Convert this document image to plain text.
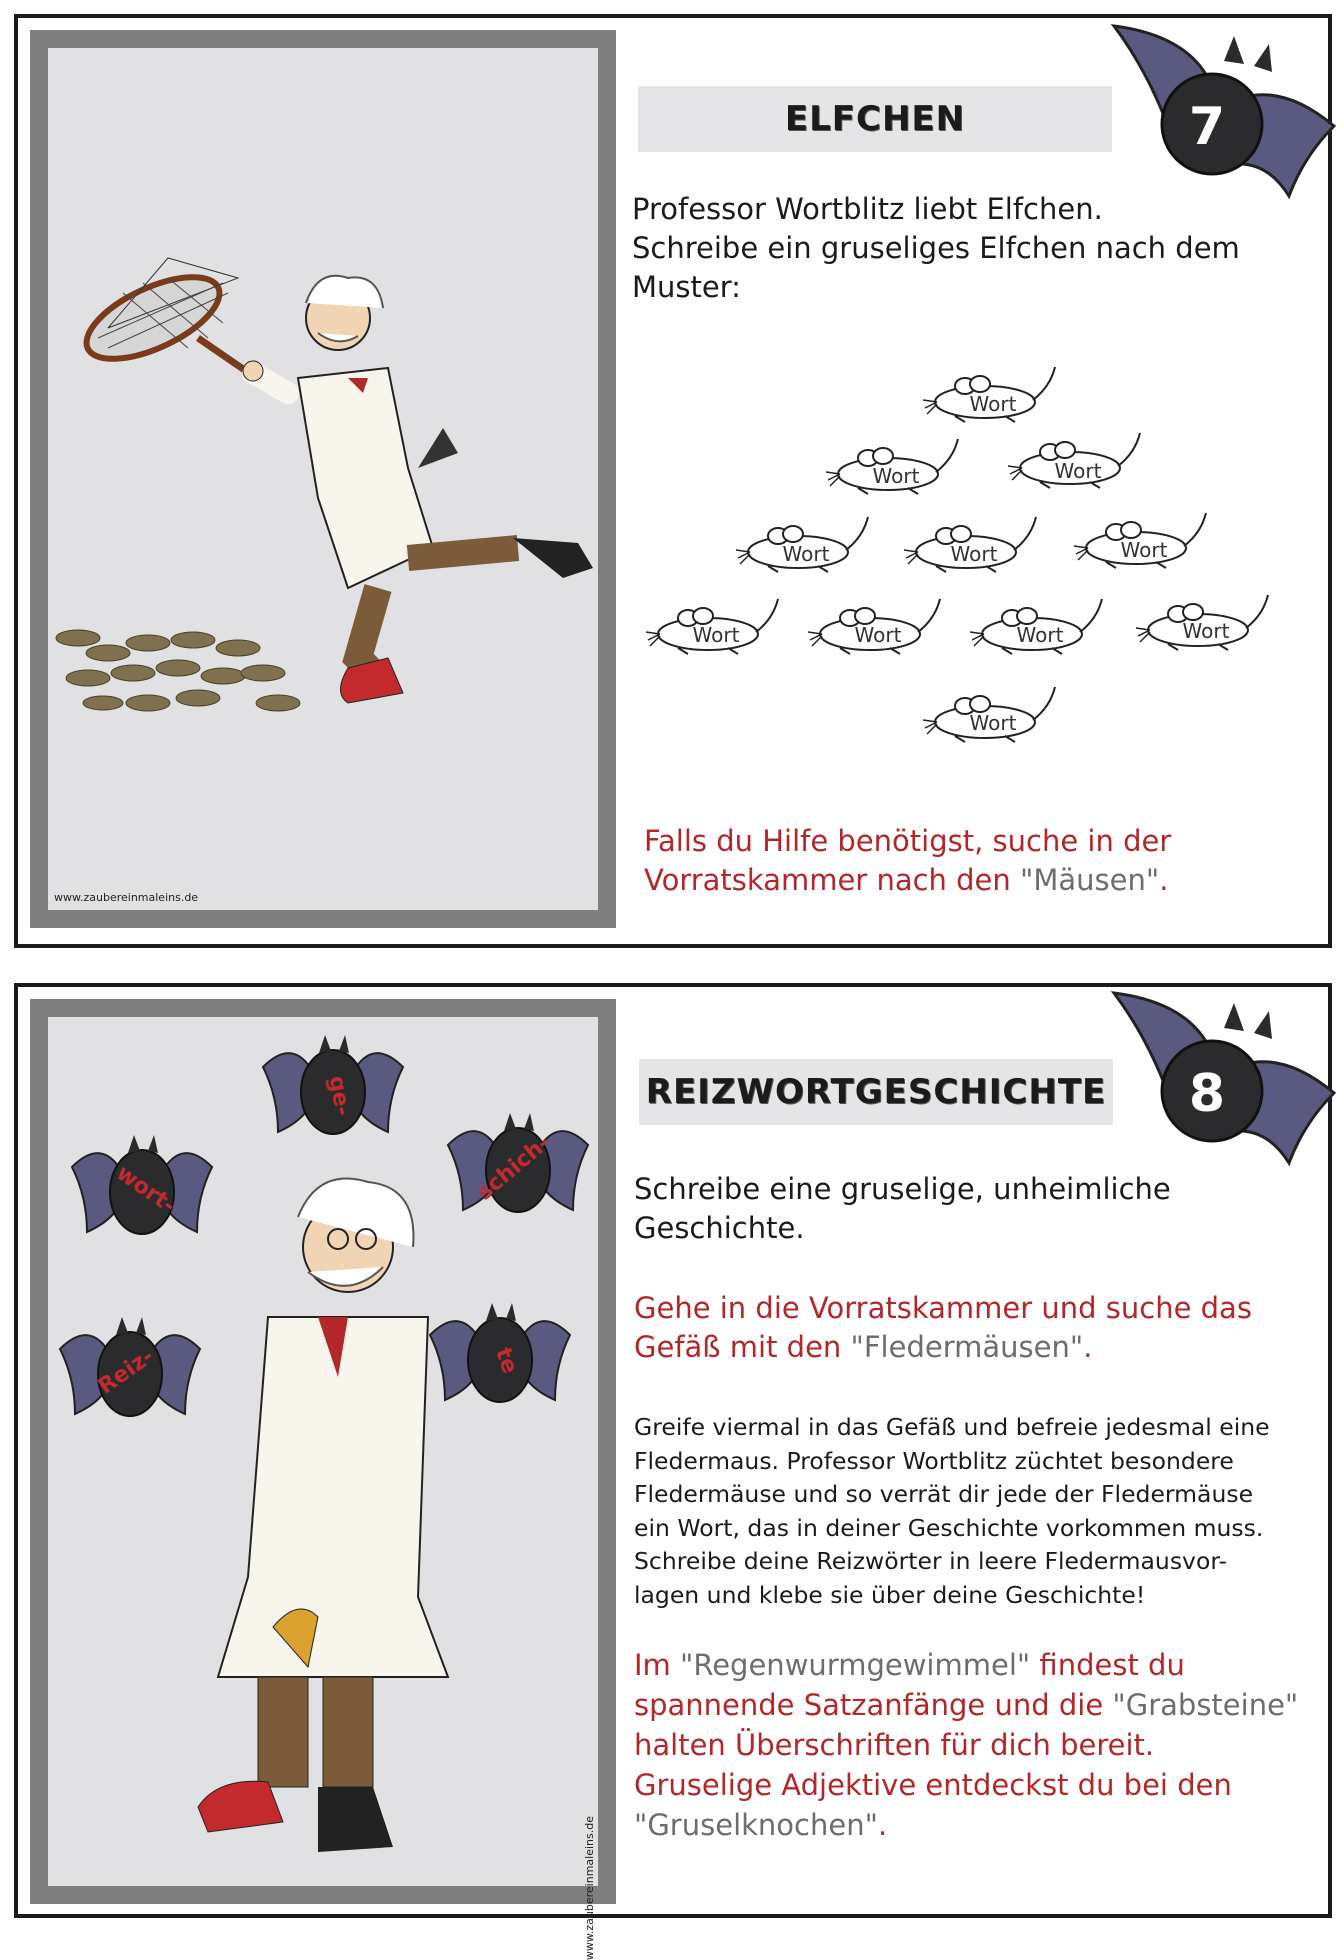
www.zaubereinmaleins.de
ELFCHEN	7
Professor Wortblitz liebt Elfchen.
Schreibe ein gruseliges Elfchen nach dem
Muster:
Wort
Wort	Wort
Wort	Wort	Wort
Wort	Wort	Wort	Wort
Wort
Falls du Hilfe benötigst, suche in der
Vorratskammer nach den "Mäusen".
wort-
ge-
schich-
Reiz-	te
www.zaubereinmaleins.de
REIZWORTGESCHICHTE 8
Schreibe eine gruselige, unheimliche
Geschichte.
Gehe in die Vorratskammer und suche das
Gefäß mit den "Fledermäusen".
Greife viermal in das Gefäß und befreie jedesmal eine
Fledermaus. Professor Wortblitz züchtet besondere
Fledermäuse und so verrät dir jede der Fledermäuse
ein Wort, das in deiner Geschichte vorkommen muss.
Schreibe deine Reizwörter in leere Fledermausvor-
lagen und klebe sie über deine Geschichte!
Im "Regenwurmgewimmel" findest du
spannende Satzanfänge und die "Grabsteine"
halten Überschriften für dich bereit.
Gruselige Adjektive entdeckst du bei den
"Gruselknochen".
